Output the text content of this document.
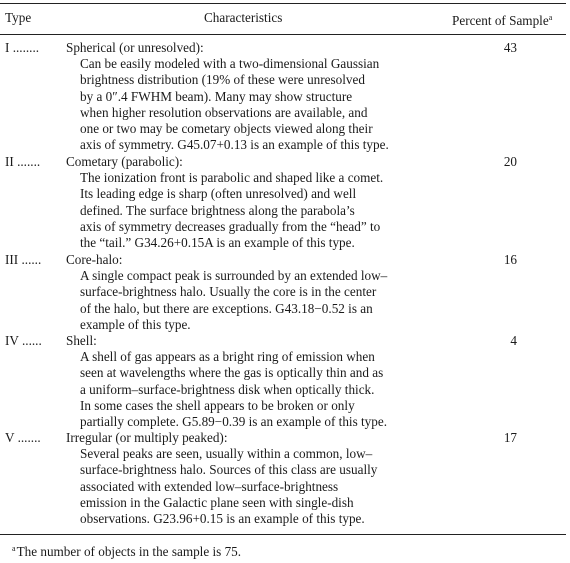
Type	Characteristics	Percent of Sample$^a$
I ........ Spherical (or unresolved):
Can be easily modeled with a two-dimensional Gaussian
brightness distribution (19% of these were unresolved
by a 0″.4 FWHM beam). Many may show structure
when higher resolution observations are available, and
one or two may be cometary objects viewed along their
axis of symmetry. G45.07+0.13 is an example of this type.
43
II ....... Cometary (parabolic):
The ionization front is parabolic and shaped like a comet.
Its leading edge is sharp (often unresolved) and well
defined. The surface brightness along the parabola’s
axis of symmetry decreases gradually from the “head” to
the “tail.” G34.26+0.15A is an example of this type.
20
III ...... Core-halo:
A single compact peak is surrounded by an extended low–
surface-brightness halo. Usually the core is in the center
of the halo, but there are exceptions. G43.18−0.52 is an
example of this type.
16
IV ...... Shell:
A shell of gas appears as a bright ring of emission when
seen at wavelengths where the gas is optically thin and as
a uniform–surface-brightness disk when optically thick.
In some cases the shell appears to be broken or only
partially complete. G5.89−0.39 is an example of this type.
4
V ....... Irregular (or multiply peaked):
Several peaks are seen, usually within a common, low–
surface-brightness halo. Sources of this class are usually
associated with extended low–surface-brightness
emission in the Galactic plane seen with single-dish
observations. G23.96+0.15 is an example of this type.
17
$^a$The number of objects in the sample is 75.
